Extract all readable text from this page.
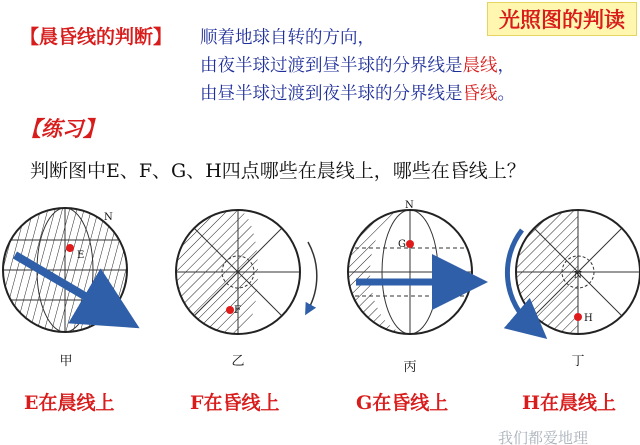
光照图的判读
【晨昏线的判断】 顺着地球自转的方向，
由夜半球过渡到昼半球的分界线是晨线，
由昼半球过渡到夜半球的分界线是昏线。
【练习】
判断图中E、F、G、H四点哪些在晨线上，哪些在昏线上？
E
N
F
G
N
H
N
甲	乙	丙	丁
E在晨线上	F在昏线上	G在昏线上	H在晨线上
我们都爱地理
